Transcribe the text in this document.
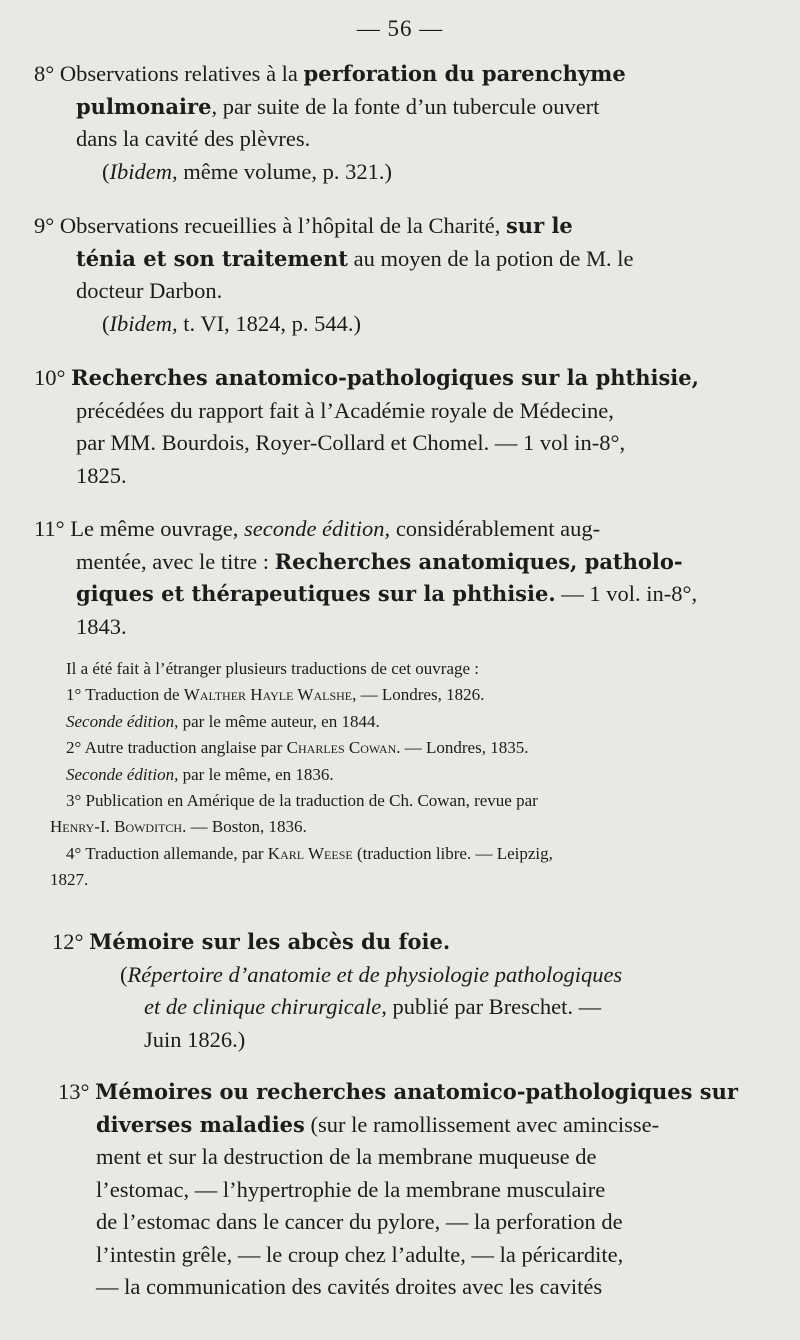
— 56 —
8° Observations relatives à la perforation du parenchyme
pulmonaire, par suite de la fonte d’un tubercule ouvert
dans la cavité des plèvres.
(Ibidem, même volume, p. 321.)
9° Observations recueillies à l’hôpital de la Charité, sur le
ténia et son traitement au moyen de la potion de M. le
docteur Darbon.
(Ibidem, t. VI, 1824, p. 544.)
10° Recherches anatomico-pathologiques sur la phthisie,
précédées du rapport fait à l’Académie royale de Médecine,
par MM. Bourdois, Royer-Collard et Chomel. — 1 vol in-8°,
1825.
11° Le même ouvrage, seconde édition, considérablement aug-
mentée, avec le titre : Recherches anatomiques, patholo-
giques et thérapeutiques sur la phthisie. — 1 vol. in-8°,
1843.
Il a été fait à l’étranger plusieurs traductions de cet ouvrage :
1° Traduction de Walther Hayle Walshe, — Londres, 1826.
Seconde édition, par le même auteur, en 1844.
2° Autre traduction anglaise par Charles Cowan. — Londres, 1835.
Seconde édition, par le même, en 1836.
3° Publication en Amérique de la traduction de Ch. Cowan, revue par
Henry-I. Bowditch. — Boston, 1836.
4° Traduction allemande, par Karl Weese (traduction libre. — Leipzig,
1827.
12° Mémoire sur les abcès du foie.
(Répertoire d’anatomie et de physiologie pathologiques
et de clinique chirurgicale, publié par Breschet. —
Juin 1826.)
13° Mémoires ou recherches anatomico-pathologiques sur
diverses maladies (sur le ramollissement avec amincisse-
ment et sur la destruction de la membrane muqueuse de
l’estomac, — l’hypertrophie de la membrane musculaire
de l’estomac dans le cancer du pylore, — la perforation de
l’intestin grêle, — le croup chez l’adulte, — la péricardite,
— la communication des cavités droites avec les cavités
